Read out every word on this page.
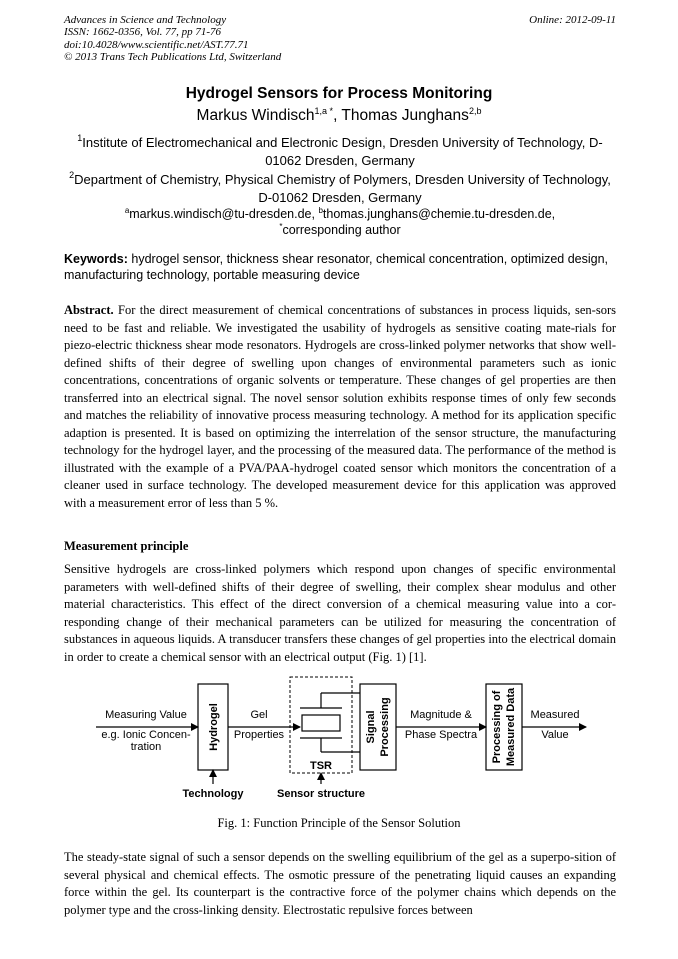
Advances in Science and Technology
ISSN: 1662-0356, Vol. 77, pp 71-76
doi:10.4028/www.scientific.net/AST.77.71
© 2013 Trans Tech Publications Ltd, Switzerland
Online: 2012-09-11
Hydrogel Sensors for Process Monitoring
Markus Windisch$^{1,a *}$, Thomas Junghans$^{2,b}$
$^1$Institute of Electromechanical and Electronic Design, Dresden University of Technology, D-01062 Dresden, Germany
$^2$Department of Chemistry, Physical Chemistry of Polymers, Dresden University of Technology, D-01062 Dresden, Germany
$^a$markus.windisch@tu-dresden.de, $^b$thomas.junghans@chemie.tu-dresden.de,
*corresponding author
Keywords: hydrogel sensor, thickness shear resonator, chemical concentration, optimized design, manufacturing technology, portable measuring device
Abstract. For the direct measurement of chemical concentrations of substances in process liquids, sen-sors need to be fast and reliable. We investigated the usability of hydrogels as sensitive coating mate-rials for piezo-electric thickness shear mode resonators. Hydrogels are cross-linked polymer networks that show well-defined shifts of their degree of swelling upon changes of environmental parameters such as ionic concentrations, concentrations of organic solvents or temperature. These changes of gel properties are then transferred into an electrical signal. The novel sensor solution exhibits response times of only few seconds and matches the reliability of innovative process measuring technology. A method for its application specific adaption is presented. It is based on optimizing the interrelation of the sensor structure, the manufacturing technology for the hydrogel layer, and the processing of the measured data. The performance of the method is illustrated with the example of a PVA/PAA-hydrogel coated sensor which monitors the concentration of a cleaner used in surface technology. The developed measurement device for this application was approved with a measurement error of less than 5 %.
Measurement principle
Sensitive hydrogels are cross-linked polymers which respond upon changes of specific environmental parameters with well-defined shifts of their degree of swelling, their complex shear modulus and other material characteristics. This effect of the direct conversion of a chemical measuring value into a cor-responding change of their mechanical parameters can be utilized for measuring the concentration of substances in aqueous liquids. A transducer transfers these changes of gel properties into the electrical domain in order to create a chemical sensor with an electrical output (Fig. 1) [1].
Measuring Value
e.g. Ionic Concen-
tration	Hydrogel	Gel
Properties
TSR
Signal Processing Magnitude &
Phase Spectra Processing of Measured Data Measured
Value
Technology	Sensor structure
Fig. 1: Function Principle of the Sensor Solution
The steady-state signal of such a sensor depends on the swelling equilibrium of the gel as a superpo-sition of several physical and chemical effects. The osmotic pressure of the penetrating liquid causes an expanding force within the gel. Its counterpart is the contractive force of the polymer chains which depends on the polymer type and the cross-linking density. Electrostatic repulsive forces between
